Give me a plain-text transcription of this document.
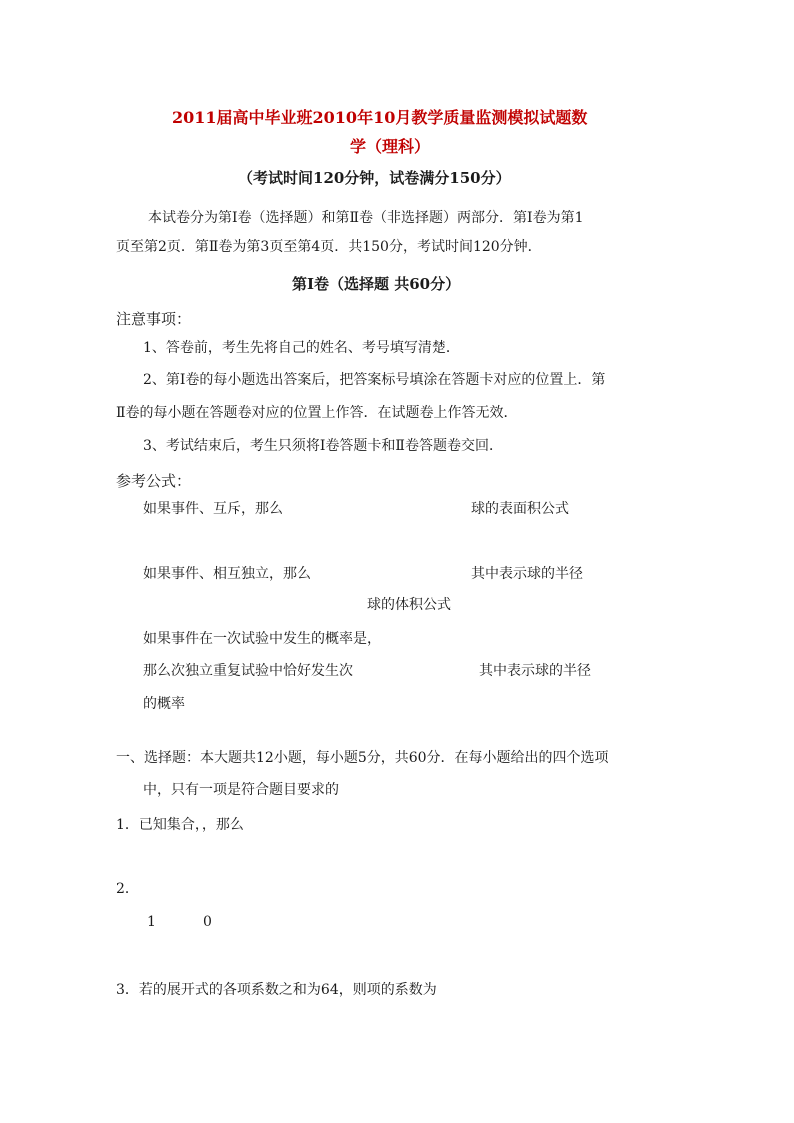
2011届高中毕业班2010年10月教学质量监测模拟试题数
学（理科）
（考试时间120分钟，试卷满分150分）
本试卷分为第Ⅰ卷（选择题）和第Ⅱ卷（非选择题）两部分．第Ⅰ卷为第1
页至第2页．第Ⅱ卷为第3页至第4页．共150分，考试时间120分钟．
第Ⅰ卷（选择题 共60分）
注意事项：
1、答卷前，考生先将自己的姓名、考号填写清楚．
2、第Ⅰ卷的每小题选出答案后，把答案标号填涂在答题卡对应的位置上．第
Ⅱ卷的每小题在答题卷对应的位置上作答．在试题卷上作答无效．
3、考试结束后，考生只须将Ⅰ卷答题卡和Ⅱ卷答题卷交回．
参考公式：
如果事件、互斥，那么	球的表面积公式
如果事件、相互独立，那么	其中表示球的半径
球的体积公式
如果事件在一次试验中发生的概率是，
那么次独立重复试验中恰好发生次	其中表示球的半径
的概率
一、选择题：本大题共12小题，每小题5分，共60分．在每小题给出的四个选项
中，只有一项是符合题目要求的
1．已知集合，，那么
2．
1	0
3．若的展开式的各项系数之和为64，则项的系数为
